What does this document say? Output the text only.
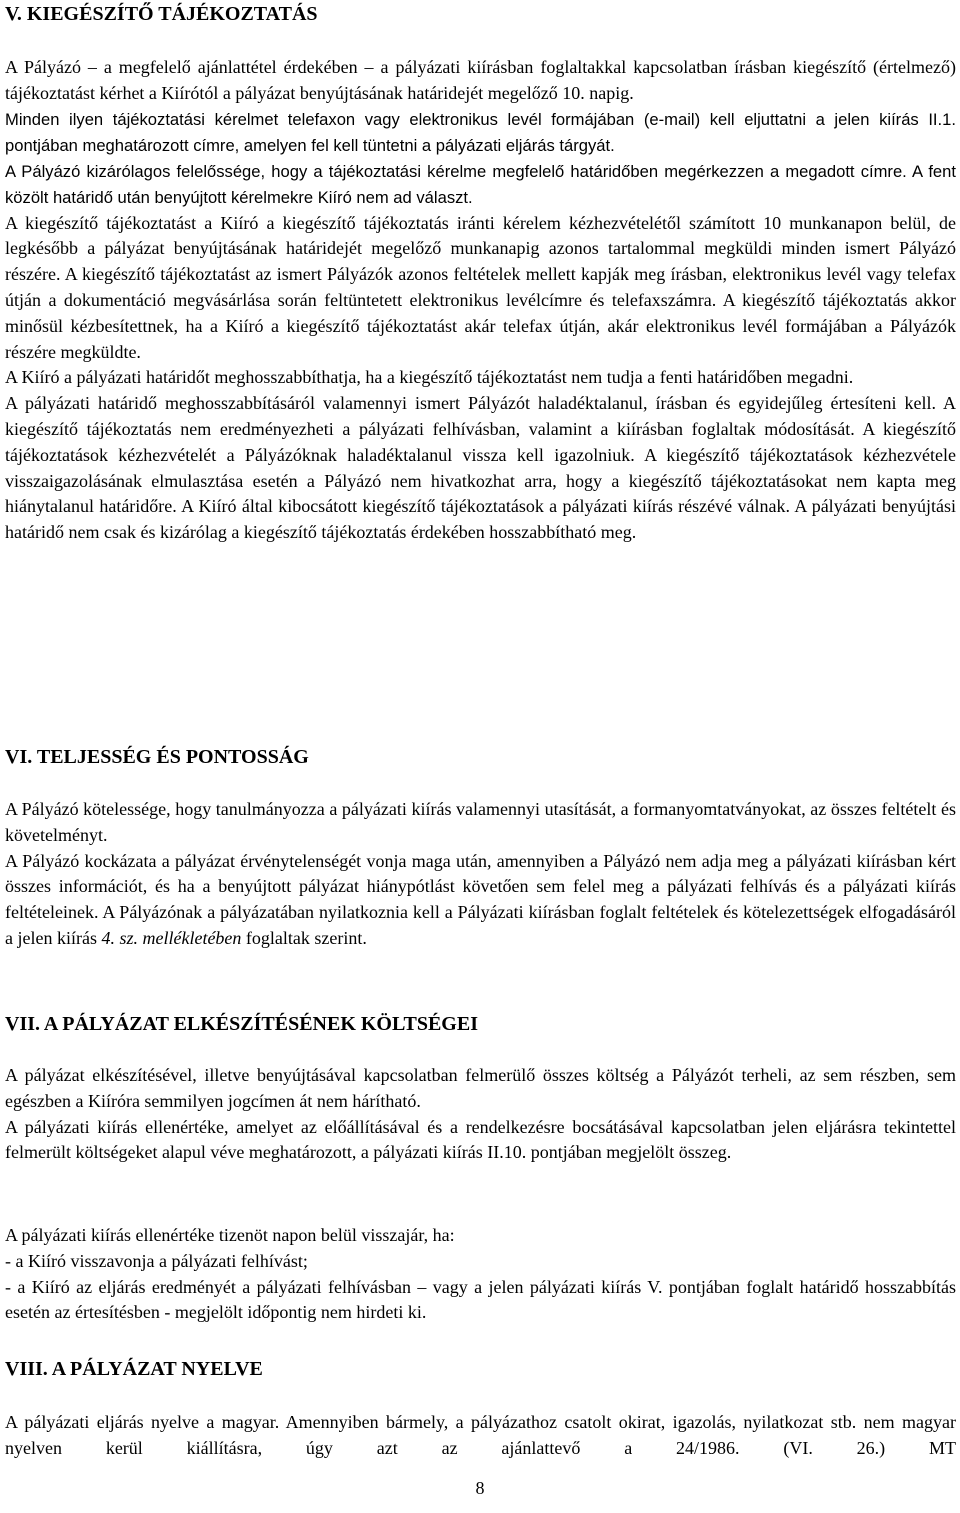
V. KIEGÉSZÍTŐ TÁJÉKOZTATÁS

A Pályázó – a megfelelő ajánlattétel érdekében – a pályázati kiírásban foglaltakkal kapcsolatban írásban kiegészítő (értelmező) tájékoztatást kérhet a Kiírótól a pályázat benyújtásának határidejét megelőző 10. napig.

Minden ilyen tájékoztatási kérelmet telefaxon vagy elektronikus levél formájában (e-mail) kell eljuttatni a jelen kiírás II.1. pontjában meghatározott címre, amelyen fel kell tüntetni a pályázati eljárás tárgyát.

A Pályázó kizárólagos felelőssége, hogy a tájékoztatási kérelme megfelelő határidőben megérkezzen a megadott címre. A fent közölt határidő után benyújtott kérelmekre Kiíró nem ad választ.

A kiegészítő tájékoztatást a Kiíró a kiegészítő tájékoztatás iránti kérelem kézhezvételétől számított 10 munkanapon belül, de legkésőbb a pályázat benyújtásának határidejét megelőző munkanapig azonos tartalommal megküldi minden ismert Pályázó részére. A kiegészítő tájékoztatást az ismert Pályázók azonos feltételek mellett kapják meg írásban, elektronikus levél vagy telefax útján a dokumentáció megvásárlása során feltüntetett elektronikus levélcímre és telefaxszámra. A kiegészítő tájékoztatás akkor minősül kézbesítettnek, ha a Kiíró a kiegészítő tájékoztatást akár telefax útján, akár elektronikus levél formájában a Pályázók részére megküldte.

A Kiíró a pályázati határidőt meghosszabbíthatja, ha a kiegészítő tájékoztatást nem tudja a fenti határidőben megadni.

A pályázati határidő meghosszabbításáról valamennyi ismert Pályázót haladéktalanul, írásban és egyidejűleg értesíteni kell. A kiegészítő tájékoztatás nem eredményezheti a pályázati felhívásban, valamint a kiírásban foglaltak módosítását. A kiegészítő tájékoztatások kézhezvételét a Pályázóknak haladéktalanul vissza kell igazolniuk. A kiegészítő tájékoztatások kézhezvétele visszaigazolásának elmulasztása esetén a Pályázó nem hivatkozhat arra, hogy a kiegészítő tájékoztatásokat nem kapta meg hiánytalanul határidőre. A Kiíró által kibocsátott kiegészítő tájékoztatások a pályázati kiírás részévé válnak. A pályázati benyújtási határidő nem csak és kizárólag a kiegészítő tájékoztatás érdekében hosszabbítható meg.

VI. TELJESSÉG ÉS PONTOSSÁG

A Pályázó kötelessége, hogy tanulmányozza a pályázati kiírás valamennyi utasítását, a formanyomtatványokat, az összes feltételt és követelményt.

A Pályázó kockázata a pályázat érvénytelenségét vonja maga után, amennyiben a Pályázó nem adja meg a pályázati kiírásban kért összes információt, és ha a benyújtott pályázat hiánypótlást követően sem felel meg a pályázati felhívás és a pályázati kiírás feltételeinek. A Pályázónak a pályázatában nyilatkoznia kell a Pályázati kiírásban foglalt feltételek és kötelezettségek elfogadásáról a jelen kiírás 4. sz. mellékletében foglaltak szerint.

VII. A PÁLYÁZAT ELKÉSZÍTÉSÉNEK KÖLTSÉGEI

A pályázat elkészítésével, illetve benyújtásával kapcsolatban felmerülő összes költség a Pályázót terheli, az sem részben, sem egészben a Kiíróra semmilyen jogcímen át nem hárítható.

A pályázati kiírás ellenértéke, amelyet az előállításával és a rendelkezésre bocsátásával kapcsolatban jelen eljárásra tekintettel felmerült költségeket alapul véve meghatározott, a pályázati kiírás II.10. pontjában megjelölt összeg.

A pályázati kiírás ellenértéke tizenöt napon belül visszajár, ha:

- a Kiíró visszavonja a pályázati felhívást;

- a Kiíró az eljárás eredményét a pályázati felhívásban – vagy a jelen pályázati kiírás V. pontjában foglalt határidő hosszabbítás esetén az értesítésben - megjelölt időpontig nem hirdeti ki.

VIII. A PÁLYÁZAT NYELVE

A pályázati eljárás nyelve a magyar. Amennyiben bármely, a pályázathoz csatolt okirat, igazolás, nyilatkozat stb. nem magyar nyelven kerül kiállításra, úgy azt az ajánlattevő a 24/1986. (VI. 26.) MT

8
